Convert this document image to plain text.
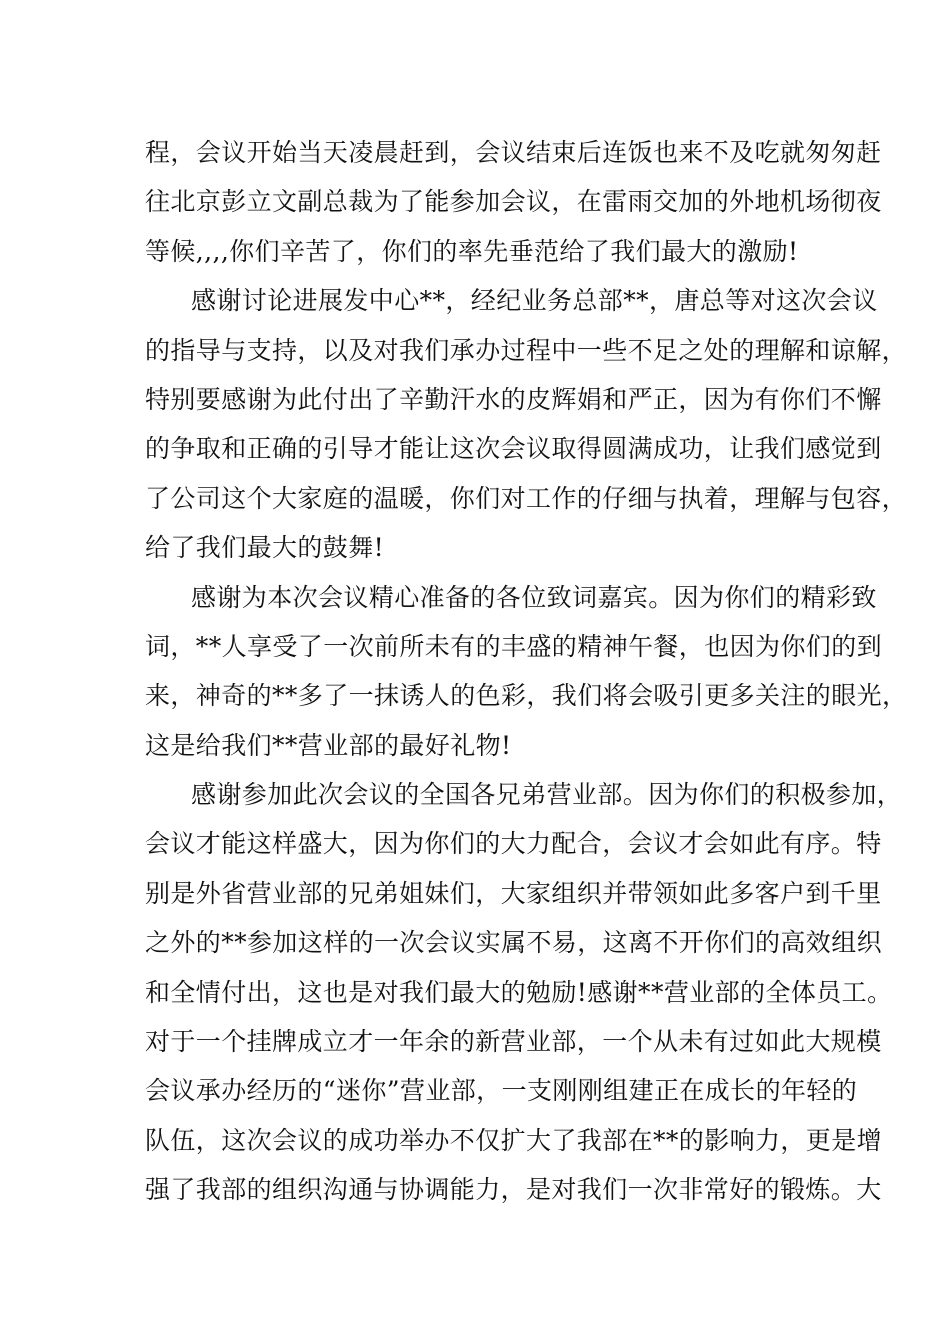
程，会议开始当天凌晨赶到，会议结束后连饭也来不及吃就匆匆赶
往北京彭立文副总裁为了能参加会议，在雷雨交加的外地机场彻夜
等候,,,,你们辛苦了，你们的率先垂范给了我们最大的激励!
感谢讨论进展发中心**，经纪业务总部**，唐总等对这次会议
的指导与支持，以及对我们承办过程中一些不足之处的理解和谅解，
特别要感谢为此付出了辛勤汗水的皮辉娟和严正，因为有你们不懈
的争取和正确的引导才能让这次会议取得圆满成功，让我们感觉到
了公司这个大家庭的温暖，你们对工作的仔细与执着，理解与包容，
给了我们最大的鼓舞!
感谢为本次会议精心准备的各位致词嘉宾。因为你们的精彩致
词，**人享受了一次前所未有的丰盛的精神午餐，也因为你们的到
来，神奇的**多了一抹诱人的色彩，我们将会吸引更多关注的眼光，
这是给我们**营业部的最好礼物!
感谢参加此次会议的全国各兄弟营业部。因为你们的积极参加，
会议才能这样盛大，因为你们的大力配合，会议才会如此有序。特
别是外省营业部的兄弟姐妹们，大家组织并带领如此多客户到千里
之外的**参加这样的一次会议实属不易，这离不开你们的高效组织
和全情付出，这也是对我们最大的勉励!感谢**营业部的全体员工。
对于一个挂牌成立才一年余的新营业部，一个从未有过如此大规模
会议承办经历的“迷你”营业部，一支刚刚组建正在成长的年轻的
队伍，这次会议的成功举办不仅扩大了我部在**的影响力，更是增
强了我部的组织沟通与协调能力，是对我们一次非常好的锻炼。大
